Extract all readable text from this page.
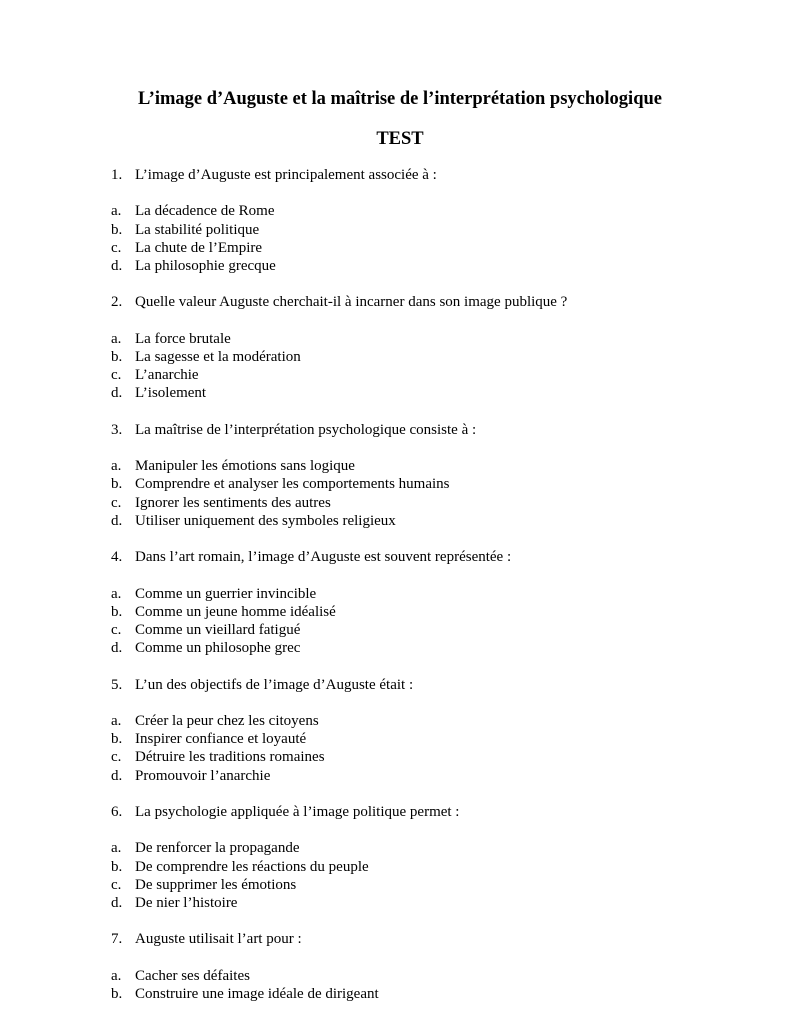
L’image d’Auguste et la maîtrise de l’interprétation psychologique
TEST
1. L’image d’Auguste est principalement associée à :
a. La décadence de Rome
b. La stabilité politique
c. La chute de l’Empire
d. La philosophie grecque
2. Quelle valeur Auguste cherchait-il à incarner dans son image publique ?
a. La force brutale
b. La sagesse et la modération
c. L’anarchie
d. L’isolement
3. La maîtrise de l’interprétation psychologique consiste à :
a. Manipuler les émotions sans logique
b. Comprendre et analyser les comportements humains
c. Ignorer les sentiments des autres
d. Utiliser uniquement des symboles religieux
4. Dans l’art romain, l’image d’Auguste est souvent représentée :
a. Comme un guerrier invincible
b. Comme un jeune homme idéalisé
c. Comme un vieillard fatigué
d. Comme un philosophe grec
5. L’un des objectifs de l’image d’Auguste était :
a. Créer la peur chez les citoyens
b. Inspirer confiance et loyauté
c. Détruire les traditions romaines
d. Promouvoir l’anarchie
6. La psychologie appliquée à l’image politique permet :
a. De renforcer la propagande
b. De comprendre les réactions du peuple
c. De supprimer les émotions
d. De nier l’histoire
7. Auguste utilisait l’art pour :
a. Cacher ses défaites
b. Construire une image idéale de dirigeant
